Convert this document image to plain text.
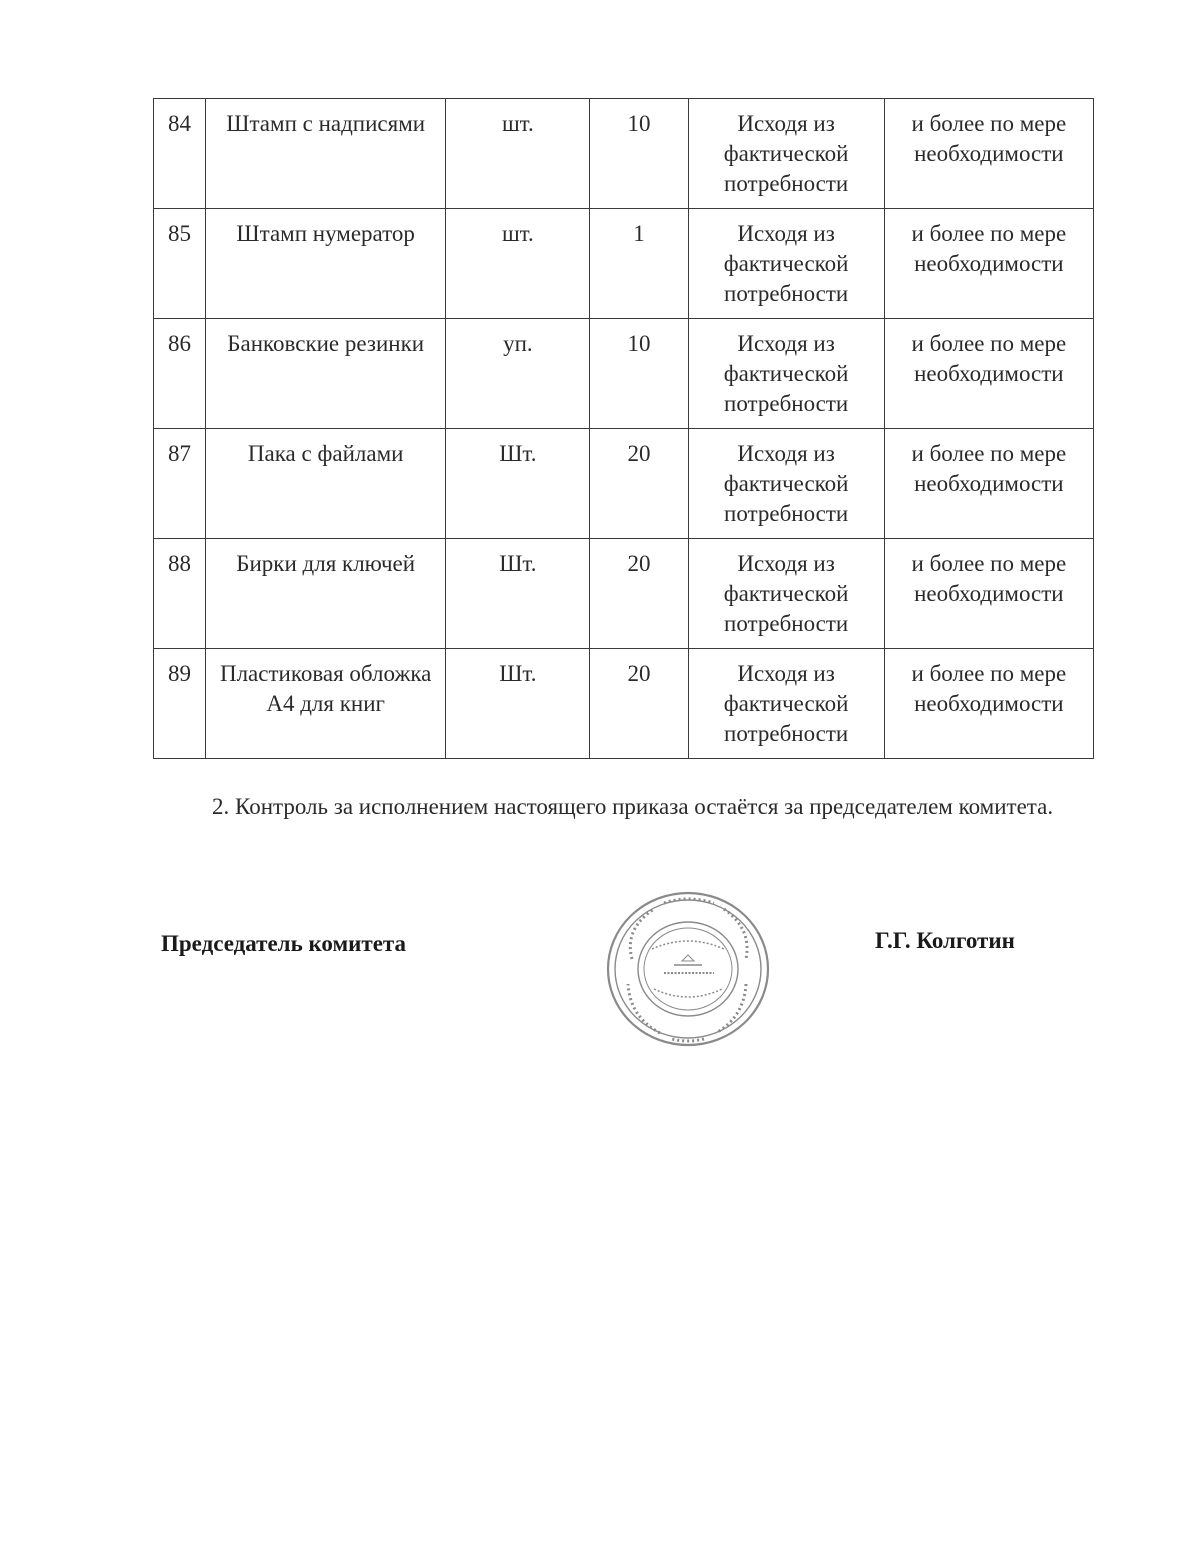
84	Штамп с надписями	шт.	10	Исходя из фактической потребности	и более по мере необходимости
85	Штамп нумератор	шт.	1	Исходя из фактической потребности	и более по мере необходимости
86	Банковские резинки	уп.	10	Исходя из фактической потребности	и более по мере необходимости
87	Пака с файлами	Шт.	20	Исходя из фактической потребности	и более по мере необходимости
88	Бирки для ключей	Шт.	20	Исходя из фактической потребности	и более по мере необходимости
89	Пластиковая обложка А4 для книг	Шт.	20	Исходя из фактической потребности	и более по мере необходимости
2. Контроль за исполнением настоящего приказа остаётся за председателем комитета.
Председатель комитета	Г.Г. Колготин
